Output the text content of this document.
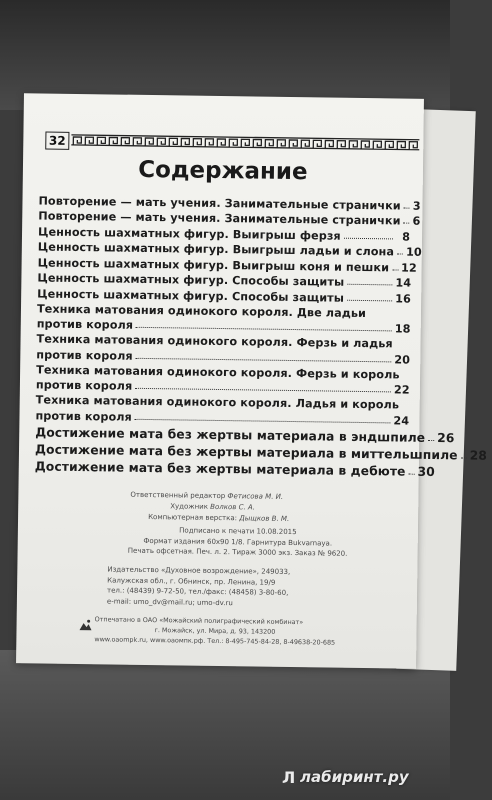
32
Содержание
Повторение — мать учения. Занимательные странички 3
Повторение — мать учения. Занимательные странички 6
Ценность шахматных фигур. Выигрыш ферзя	8
Ценность шахматных фигур. Выигрыш ладьи и слона 10
Ценность шахматных фигур. Выигрыш коня и пешки 12
Ценность шахматных фигур. Способы защиты	14
Ценность шахматных фигур. Способы защиты	16
Техника матования одинокого короля. Две ладьи
против короля	18
Техника матования одинокого короля. Ферзь и ладья
против короля	20
Техника матования одинокого короля. Ферзь и король
против короля	22
Техника матования одинокого короля. Ладья и король
против короля	24
Достижение мата без жертвы материала в эндшпиле 26
Достижение мата без жертвы материала в миттельшпиле 28
Достижение мата без жертвы материала в дебюте 30
Ответственный редактор Фетисова М. И.
Художник Волков С. А.
Компьютерная верстка: Дыщков В. М.
Подписано к печати 10.08.2015
Формат издания 60х90 1/8. Гарнитура Bukvarnaya.
Печать офсетная. Печ. л. 2. Тираж 3000 экз. Заказ № 9620.
Издательство «Духовное возрождение», 249033,
Калужская обл., г. Обнинск, пр. Ленина, 19/9
тел.: (48439) 9-72-50, тел./факс: (48458) 3-80-60,
e-mail: umo_dv@mail.ru; umo-dv.ru
Отпечатано в ОАО «Можайский полиграфический комбинат»
г. Можайск, ул. Мира, д. 93, 143200
www.oaompk.ru, www.oaoмпк.рф. Тел.: 8-495-745-84-28, 8-49638-20-685
Л лабиринт.ру
